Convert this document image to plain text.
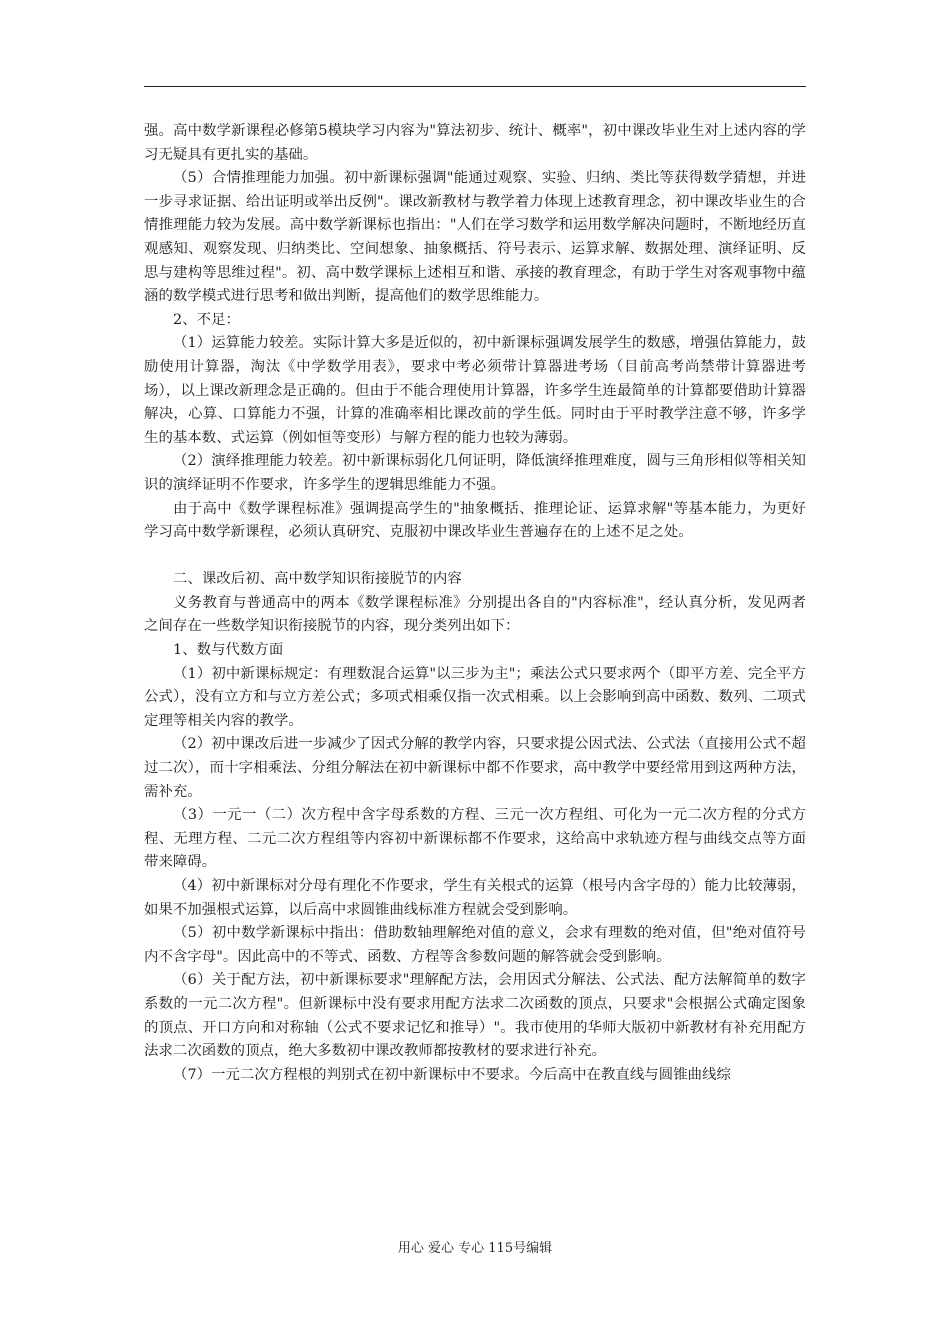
强。高中数学新课程必修第5模块学习内容为"算法初步、统计、概率"，初中课改毕业生对上述内容的学习无疑具有更扎实的基础。

（5）合情推理能力加强。初中新课标强调"能通过观察、实验、归纳、类比等获得数学猜想，并进一步寻求证据、给出证明或举出反例"。课改新教材与教学着力体现上述教育理念，初中课改毕业生的合情推理能力较为发展。高中数学新课标也指出："人们在学习数学和运用数学解决问题时，不断地经历直观感知、观察发现、归纳类比、空间想象、抽象概括、符号表示、运算求解、数据处理、演绎证明、反思与建构等思维过程"。初、高中数学课标上述相互和谐、承接的教育理念，有助于学生对客观事物中蕴涵的数学模式进行思考和做出判断，提高他们的数学思维能力。

2、不足：

（1）运算能力较差。实际计算大多是近似的，初中新课标强调发展学生的数感，增强估算能力，鼓励使用计算器，淘汰《中学数学用表》，要求中考必须带计算器进考场（目前高考尚禁带计算器进考场），以上课改新理念是正确的。但由于不能合理使用计算器，许多学生连最简单的计算都要借助计算器解决，心算、口算能力不强，计算的准确率相比课改前的学生低。同时由于平时教学注意不够，许多学生的基本数、式运算（例如恒等变形）与解方程的能力也较为薄弱。

（2）演绎推理能力较差。初中新课标弱化几何证明，降低演绎推理难度，圆与三角形相似等相关知识的演绎证明不作要求，许多学生的逻辑思维能力不强。

由于高中《数学课程标准》强调提高学生的"抽象概括、推理论证、运算求解"等基本能力，为更好学习高中数学新课程，必须认真研究、克服初中课改毕业生普遍存在的上述不足之处。

二、课改后初、高中数学知识衔接脱节的内容

义务教育与普通高中的两本《数学课程标准》分别提出各自的"内容标准"，经认真分析，发见两者之间存在一些数学知识衔接脱节的内容，现分类列出如下：

1、数与代数方面

（1）初中新课标规定：有理数混合运算"以三步为主"；乘法公式只要求两个（即平方差、完全平方公式），没有立方和与立方差公式；多项式相乘仅指一次式相乘。以上会影响到高中函数、数列、二项式定理等相关内容的教学。

（2）初中课改后进一步减少了因式分解的教学内容，只要求提公因式法、公式法（直接用公式不超过二次），而十字相乘法、分组分解法在初中新课标中都不作要求，高中教学中要经常用到这两种方法，需补充。

（3）一元一（二）次方程中含字母系数的方程、三元一次方程组、可化为一元二次方程的分式方程、无理方程、二元二次方程组等内容初中新课标都不作要求，这给高中求轨迹方程与曲线交点等方面带来障碍。

（4）初中新课标对分母有理化不作要求，学生有关根式的运算（根号内含字母的）能力比较薄弱，如果不加强根式运算，以后高中求圆锥曲线标准方程就会受到影响。

（5）初中数学新课标中指出：借助数轴理解绝对值的意义，会求有理数的绝对值，但"绝对值符号内不含字母"。因此高中的不等式、函数、方程等含参数问题的解答就会受到影响。

（6）关于配方法，初中新课标要求"理解配方法，会用因式分解法、公式法、配方法解简单的数字系数的一元二次方程"。但新课标中没有要求用配方法求二次函数的顶点，只要求"会根据公式确定图象的顶点、开口方向和对称轴（公式不要求记忆和推导）"。我市使用的华师大版初中新教材有补充用配方法求二次函数的顶点，绝大多数初中课改教师都按教材的要求进行补充。

（7）一元二次方程根的判别式在初中新课标中不要求。今后高中在教直线与圆锥曲线综

用心 爱心 专心 115号编辑
